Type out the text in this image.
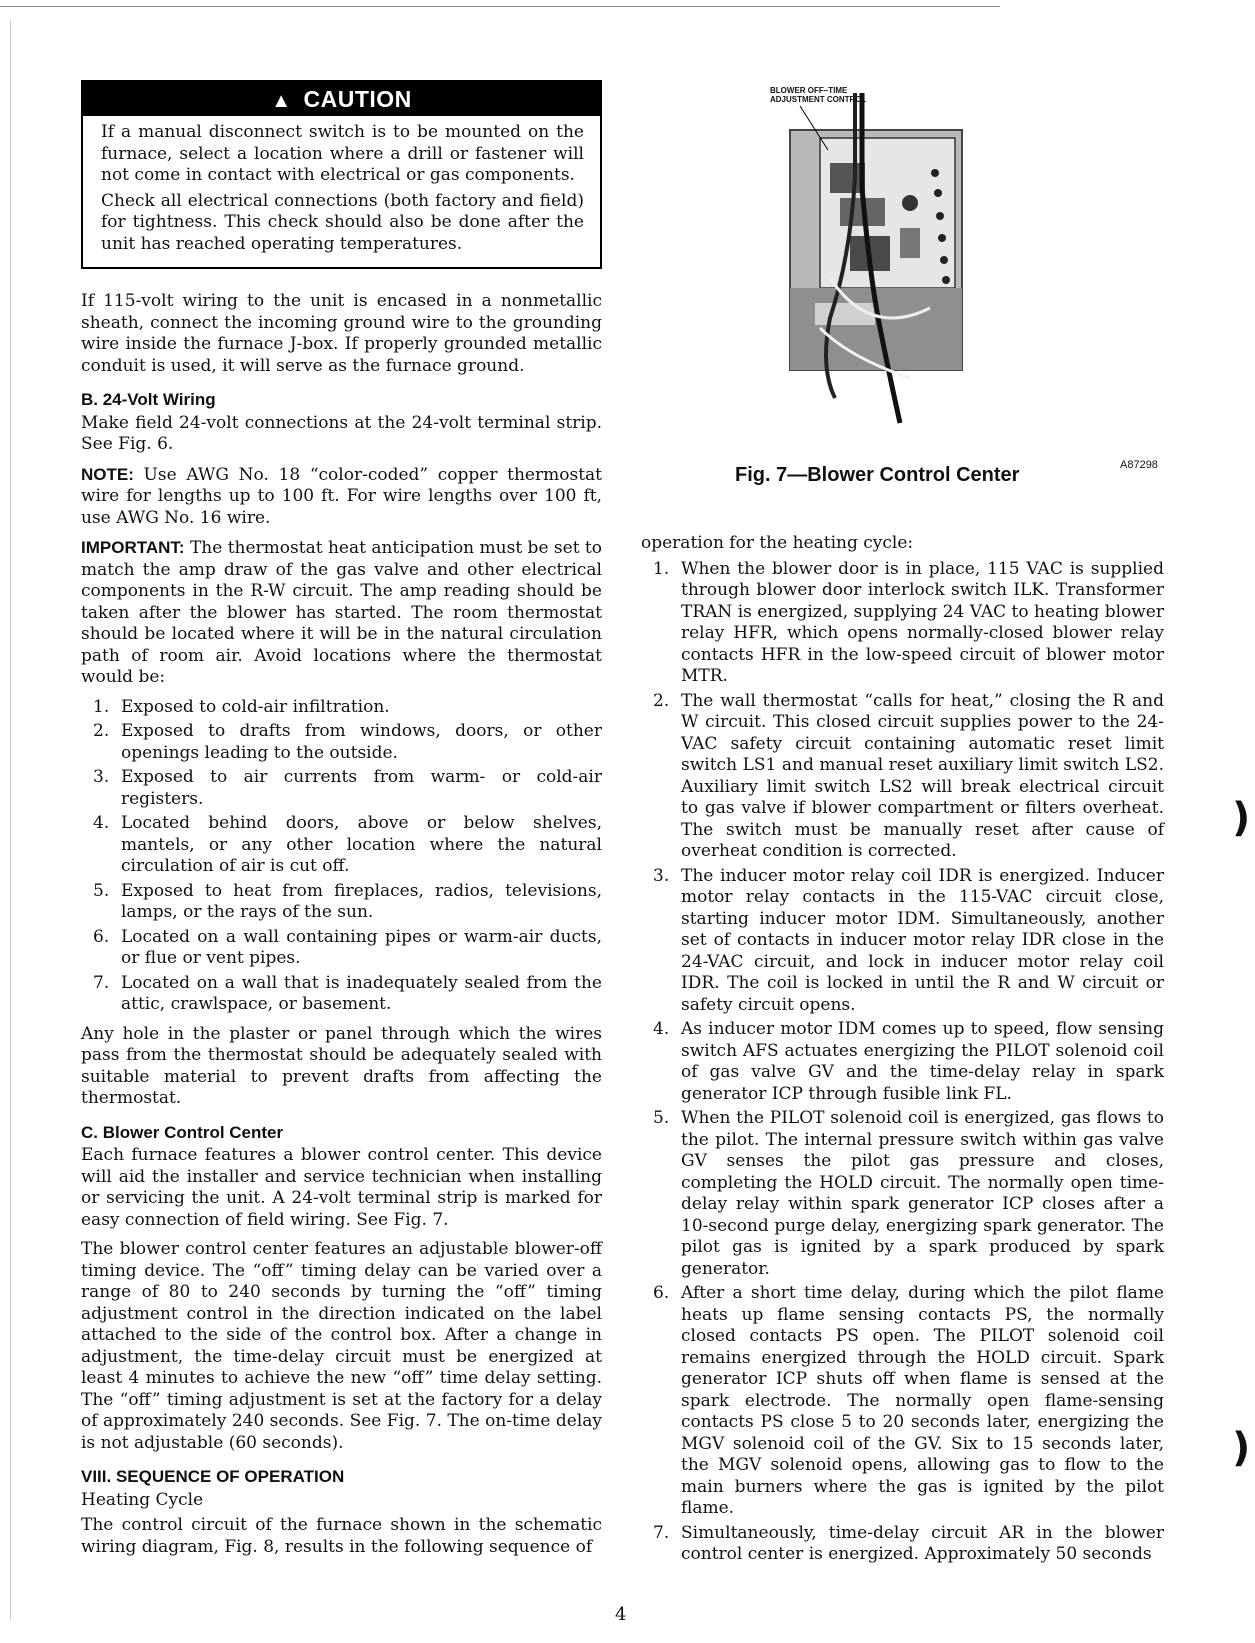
▲ CAUTION

If a manual disconnect switch is to be mounted on the furnace, select a location where a drill or fastener will not come in contact with electrical or gas components.

Check all electrical connections (both factory and field) for tightness. This check should also be done after the unit has reached operating temperatures.

If 115-volt wiring to the unit is encased in a nonmetallic sheath, connect the incoming ground wire to the grounding wire inside the furnace J-box. If properly grounded metallic conduit is used, it will serve as the furnace ground.

B. 24-Volt Wiring

Make field 24-volt connections at the 24-volt terminal strip. See Fig. 6.

NOTE: Use AWG No. 18 “color-coded” copper thermostat wire for lengths up to 100 ft. For wire lengths over 100 ft, use AWG No. 16 wire.

IMPORTANT: The thermostat heat anticipation must be set to match the amp draw of the gas valve and other electrical components in the R-W circuit. The amp reading should be taken after the blower has started. The room thermostat should be located where it will be in the natural circulation path of room air. Avoid locations where the thermostat would be:

1. Exposed to cold-air infiltration.
2. Exposed to drafts from windows, doors, or other openings leading to the outside.
3. Exposed to air currents from warm- or cold-air registers.
4. Located behind doors, above or below shelves, mantels, or any other location where the natural circulation of air is cut off.
5. Exposed to heat from fireplaces, radios, televisions, lamps, or the rays of the sun.
6. Located on a wall containing pipes or warm-air ducts, or flue or vent pipes.
7. Located on a wall that is inadequately sealed from the attic, crawlspace, or basement.

Any hole in the plaster or panel through which the wires pass from the thermostat should be adequately sealed with suitable material to prevent drafts from affecting the thermostat.

C. Blower Control Center

Each furnace features a blower control center. This device will aid the installer and service technician when installing or servicing the unit. A 24-volt terminal strip is marked for easy connection of field wiring. See Fig. 7.

The blower control center features an adjustable blower-off timing device. The “off” timing delay can be varied over a range of 80 to 240 seconds by turning the “off” timing adjustment control in the direction indicated on the label attached to the side of the control box. After a change in adjustment, the time-delay circuit must be energized at least 4 minutes to achieve the new “off” time delay setting. The “off” timing adjustment is set at the factory for a delay of approximately 240 seconds. See Fig. 7. The on-time delay is not adjustable (60 seconds).

VIII. SEQUENCE OF OPERATION

Heating Cycle

The control circuit of the furnace shown in the schematic wiring diagram, Fig. 8, results in the following sequence of

BLOWER OFF–TIME
ADJUSTMENT CONTROL
Fig. 7—Blower Control Center	A87298

operation for the heating cycle:

1. When the blower door is in place, 115 VAC is supplied through blower door interlock switch ILK. Transformer TRAN is energized, supplying 24 VAC to heating blower relay HFR, which opens normally-closed blower relay contacts HFR in the low-speed circuit of blower motor MTR.
2. The wall thermostat “calls for heat,” closing the R and W circuit. This closed circuit supplies power to the 24-VAC safety circuit containing automatic reset limit switch LS1 and manual reset auxiliary limit switch LS2. Auxiliary limit switch LS2 will break electrical circuit to gas valve if blower compartment or filters overheat. The switch must be manually reset after cause of overheat condition is corrected.
3. The inducer motor relay coil IDR is energized. Inducer motor relay contacts in the 115-VAC circuit close, starting inducer motor IDM. Simultaneously, another set of contacts in inducer motor relay IDR close in the 24-VAC circuit, and lock in inducer motor relay coil IDR. The coil is locked in until the R and W circuit or safety circuit opens.
4. As inducer motor IDM comes up to speed, flow sensing switch AFS actuates energizing the PILOT solenoid coil of gas valve GV and the time-delay relay in spark generator ICP through fusible link FL.
5. When the PILOT solenoid coil is energized, gas flows to the pilot. The internal pressure switch within gas valve GV senses the pilot gas pressure and closes, completing the HOLD circuit. The normally open time-delay relay within spark generator ICP closes after a 10-second purge delay, energizing spark generator. The pilot gas is ignited by a spark produced by spark generator.
6. After a short time delay, during which the pilot flame heats up flame sensing contacts PS, the normally closed contacts PS open. The PILOT solenoid coil remains energized through the HOLD circuit. Spark generator ICP shuts off when flame is sensed at the spark electrode. The normally open flame-sensing contacts PS close 5 to 20 seconds later, energizing the MGV solenoid coil of the GV. Six to 15 seconds later, the MGV solenoid opens, allowing gas to flow to the main burners where the gas is ignited by the pilot flame.
7. Simultaneously, time-delay circuit AR in the blower control center is energized. Approximately 50 seconds
4
)
)
